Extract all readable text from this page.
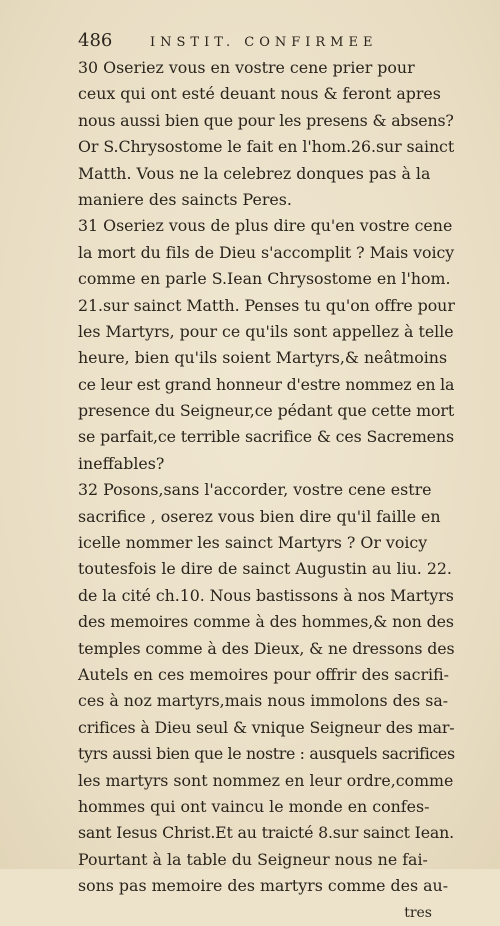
486	INSTIT. CONFIRMEE
30 Oseriez vous en vostre cene prier pour
ceux qui ont esté deuant nous & feront apres
nous aussi bien que pour les presens & absens?
Or S.Chrysostome le fait en l'hom.26.sur sainct
Matth. Vous ne la celebrez donques pas à la
maniere des saincts Peres.
31 Oseriez vous de plus dire qu'en vostre cene
la mort du fils de Dieu s'accomplit ? Mais voicy
comme en parle S.Iean Chrysostome en l'hom.
21.sur sainct Matth. Penses tu qu'on offre pour
les Martyrs, pour ce qu'ils sont appellez à telle
heure, bien qu'ils soient Martyrs,& neâtmoins
ce leur est grand honneur d'estre nommez en la
presence du Seigneur,ce pédant que cette mort
se parfait,ce terrible sacrifice & ces Sacremens
ineffables?
32 Posons,sans l'accorder, vostre cene estre
sacrifice , oserez vous bien dire qu'il faille en
icelle nommer les sainct Martyrs ? Or voicy
toutesfois le dire de sainct Augustin au liu. 22.
de la cité ch.10. Nous bastissons à nos Martyrs
des memoires comme à des hommes,& non des
temples comme à des Dieux, & ne dressons des
Autels en ces memoires pour offrir des sacrifi-
ces à noz martyrs,mais nous immolons des sa-
crifices à Dieu seul & vnique Seigneur des mar-
tyrs aussi bien que le nostre : ausquels sacrifices
les martyrs sont nommez en leur ordre,comme
hommes qui ont vaincu le monde en confes-
sant Iesus Christ.Et au traicté 8.sur sainct Iean.
Pourtant à la table du Seigneur nous ne fai-
sons pas memoire des martyrs comme des au-
tres
